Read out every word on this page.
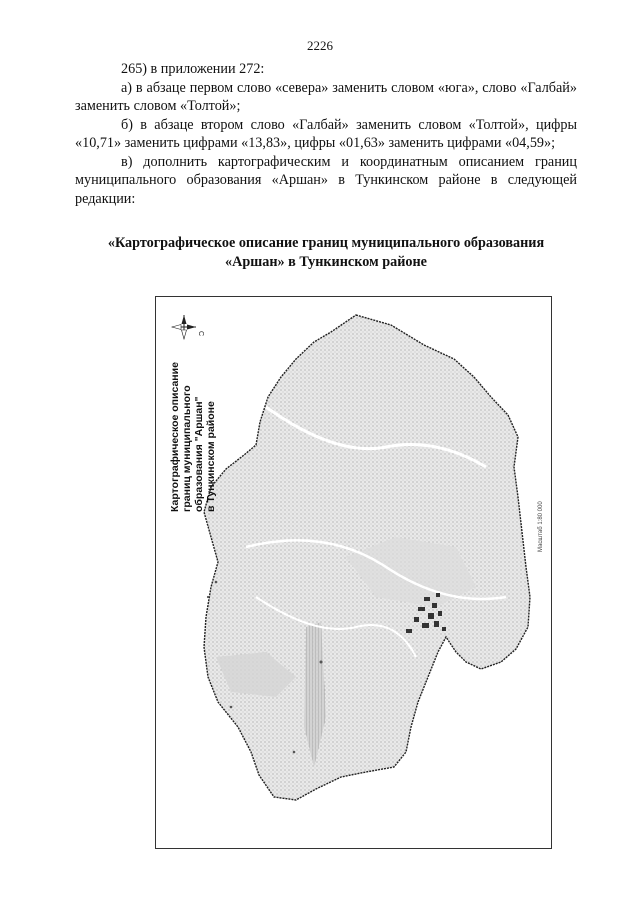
2226

265) в приложении 272:

а) в абзаце первом слово «севера» заменить словом «юга», слово «Галбай» заменить словом «Толтой»;

б) в абзаце втором слово «Галбай» заменить словом «Толтой», цифры «10,71» заменить цифрами «13,83», цифры «01,63» заменить цифрами «04,59»;

в) дополнить картографическим и координатным описанием границ муниципального образования «Аршан» в Тункинском районе в следующей редакции:

«Картографическое описание границ муниципального образования
«Аршан» в Тункинском районе
С
Картографическое описание границ муниципального образования "Аршан" в Тункинском районе
Масштаб 1:80 000
